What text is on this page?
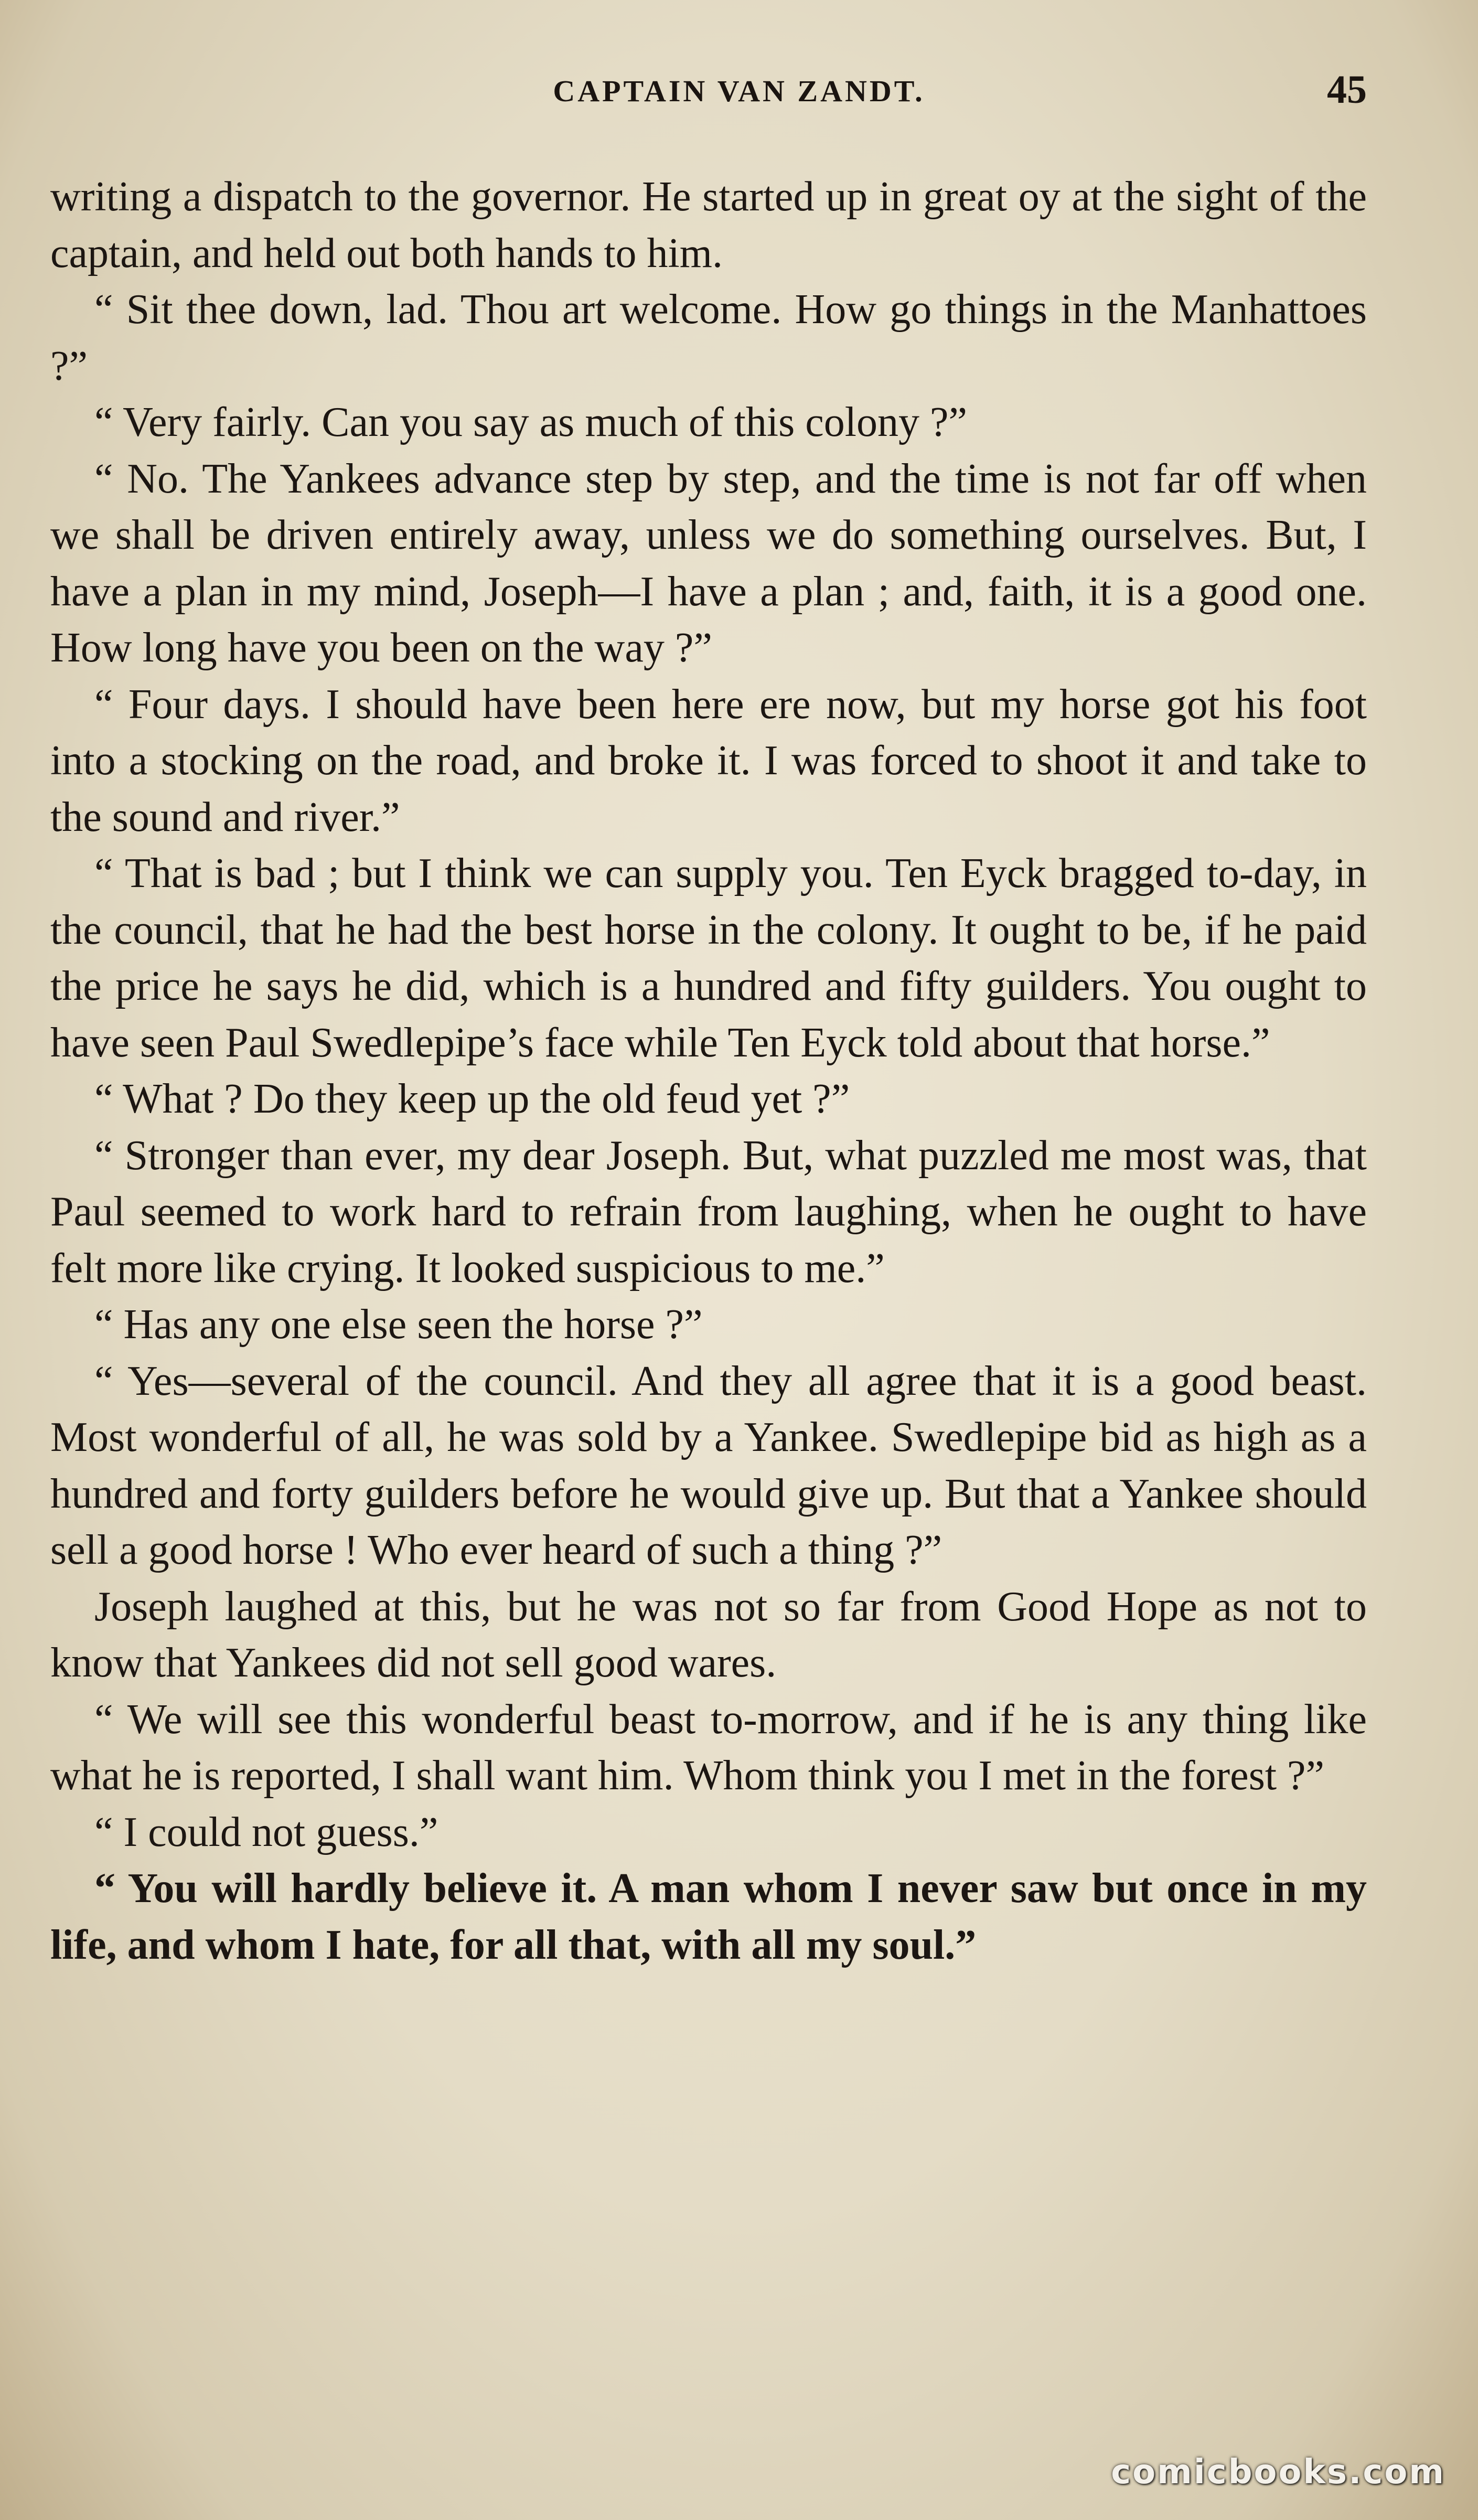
CAPTAIN VAN ZANDT.	45

writing a dispatch to the governor. He started up in great oy at the sight of the captain, and held out both hands to him.

“ Sit thee down, lad. Thou art welcome. How go things in the Manhattoes ?”

“ Very fairly. Can you say as much of this colony ?”

“ No. The Yankees advance step by step, and the time is not far off when we shall be driven entirely away, unless we do something ourselves. But, I have a plan in my mind, Joseph—I have a plan ; and, faith, it is a good one. How long have you been on the way ?”

“ Four days. I should have been here ere now, but my horse got his foot into a stocking on the road, and broke it. I was forced to shoot it and take to the sound and river.”

“ That is bad ; but I think we can supply you. Ten Eyck bragged to-day, in the council, that he had the best horse in the colony. It ought to be, if he paid the price he says he did, which is a hundred and fifty guilders. You ought to have seen Paul Swedlepipe’s face while Ten Eyck told about that horse.”

“ What ? Do they keep up the old feud yet ?”

“ Stronger than ever, my dear Joseph. But, what puzzled me most was, that Paul seemed to work hard to refrain from laughing, when he ought to have felt more like crying. It looked suspicious to me.”

“ Has any one else seen the horse ?”

“ Yes—several of the council. And they all agree that it is a good beast. Most wonderful of all, he was sold by a Yankee. Swedlepipe bid as high as a hundred and forty guilders before he would give up. But that a Yankee should sell a good horse ! Who ever heard of such a thing ?”

Joseph laughed at this, but he was not so far from Good Hope as not to know that Yankees did not sell good wares.

“ We will see this wonderful beast to-morrow, and if he is any thing like what he is reported, I shall want him. Whom think you I met in the forest ?”

“ I could not guess.”

“ You will hardly believe it. A man whom I never saw but once in my life, and whom I hate, for all that, with all my soul.”

comicbooks.com
